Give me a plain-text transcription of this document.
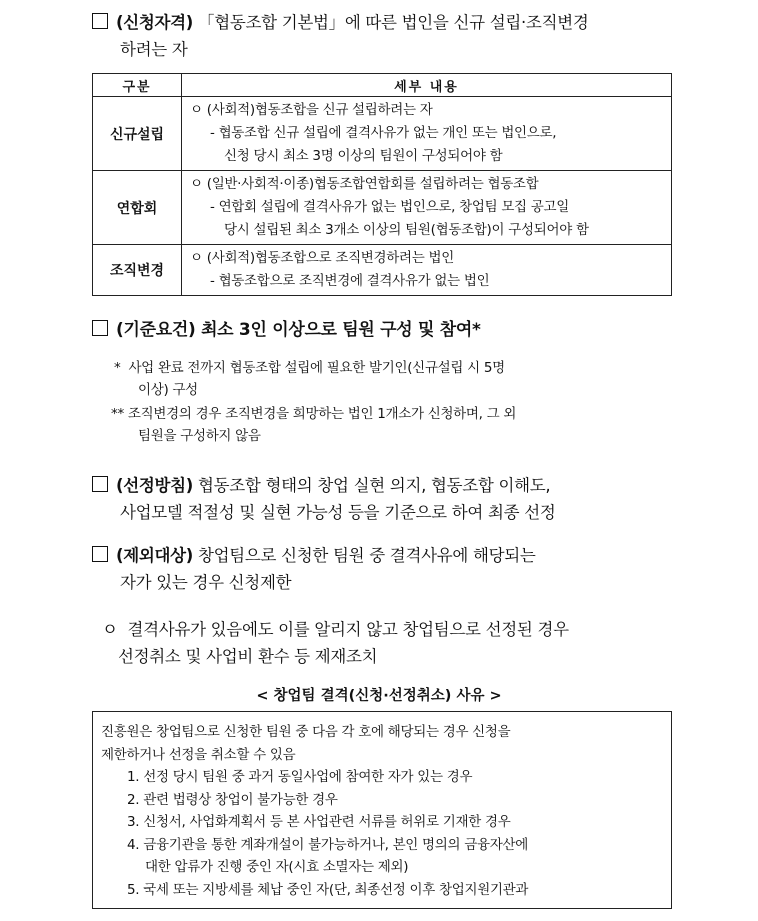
(신청자격) 「협동조합 기본법」에 따른 법인을 신규 설립·조직변경
하려는 자
구분	세부 내용
신규설립	ㅇ (사회적)협동조합을 신규 설립하려는 자
- 협동조합 신규 설립에 결격사유가 없는 개인 또는 법인으로,
신청 당시 최소 3명 이상의 팀원이 구성되어야 함

연합회	ㅇ (일반·사회적·이종)협동조합연합회를 설립하려는 협동조합
- 연합회 설립에 결격사유가 없는 법인으로, 창업팀 모집 공고일
당시 설립된 최소 3개소 이상의 팀원(협동조합)이 구성되어야 함

조직변경	ㅇ (사회적)협동조합으로 조직변경하려는 법인
- 협동조합으로 조직변경에 결격사유가 없는 법인
(기준요건) 최소 3인 이상으로 팀원 구성 및 참여*
* 사업 완료 전까지 협동조합 설립에 필요한 발기인(신규설립 시 5명
이상) 구성
** 조직변경의 경우 조직변경을 희망하는 법인 1개소가 신청하며, 그 외
팀원을 구성하지 않음
(선정방침) 협동조합 형태의 창업 실현 의지, 협동조합 이해도,
사업모델 적절성 및 실현 가능성 등을 기준으로 하여 최종 선정
(제외대상) 창업팀으로 신청한 팀원 중 결격사유에 해당되는
자가 있는 경우 신청제한
ㅇ 결격사유가 있음에도 이를 알리지 않고 창업팀으로 선정된 경우
선정취소 및 사업비 환수 등 제재조치
< 창업팀 결격(신청·선정취소) 사유 >
진흥원은 창업팀으로 신청한 팀원 중 다음 각 호에 해당되는 경우 신청을
제한하거나 선정을 취소할 수 있음
1. 선정 당시 팀원 중 과거 동일사업에 참여한 자가 있는 경우
2. 관련 법령상 창업이 불가능한 경우
3. 신청서, 사업화계획서 등 본 사업관련 서류를 허위로 기재한 경우
4. 금융기관을 통한 계좌개설이 불가능하거나, 본인 명의의 금융자산에
대한 압류가 진행 중인 자(시효 소멸자는 제외)
5. 국세 또는 지방세를 체납 중인 자(단, 최종선정 이후 창업지원기관과
